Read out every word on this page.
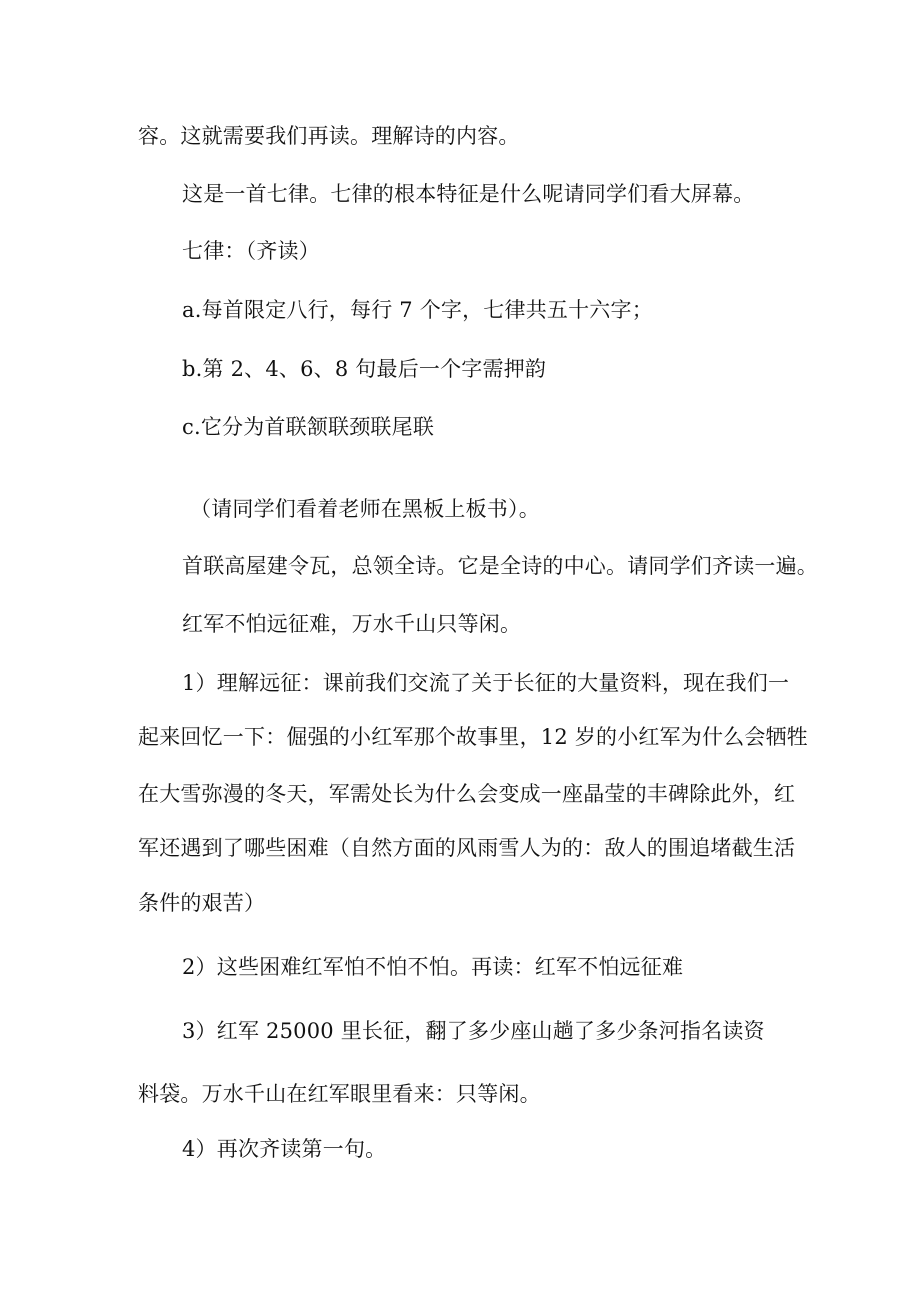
容。这就需要我们再读。理解诗的内容。

这是一首七律。七律的根本特征是什么呢请同学们看大屏幕。

七律：（齐读）

a.每首限定八行，每行 7 个字，七律共五十六字；

b.第 2、4、6、8 句最后一个字需押韵

c.它分为首联颔联颈联尾联

（请同学们看着老师在黑板上板书）。

首联高屋建令瓦，总领全诗。它是全诗的中心。请同学们齐读一遍。

红军不怕远征难，万水千山只等闲。

1）理解远征：课前我们交流了关于长征的大量资料，现在我们一

起来回忆一下：倔强的小红军那个故事里，12 岁的小红军为什么会牺牲

在大雪弥漫的冬天，军需处长为什么会变成一座晶莹的丰碑除此外，红

军还遇到了哪些困难（自然方面的风雨雪人为的：敌人的围追堵截生活

条件的艰苦）

2）这些困难红军怕不怕不怕。再读：红军不怕远征难

3）红军 25000 里长征，翻了多少座山趟了多少条河指名读资

料袋。万水千山在红军眼里看来：只等闲。

4）再次齐读第一句。
